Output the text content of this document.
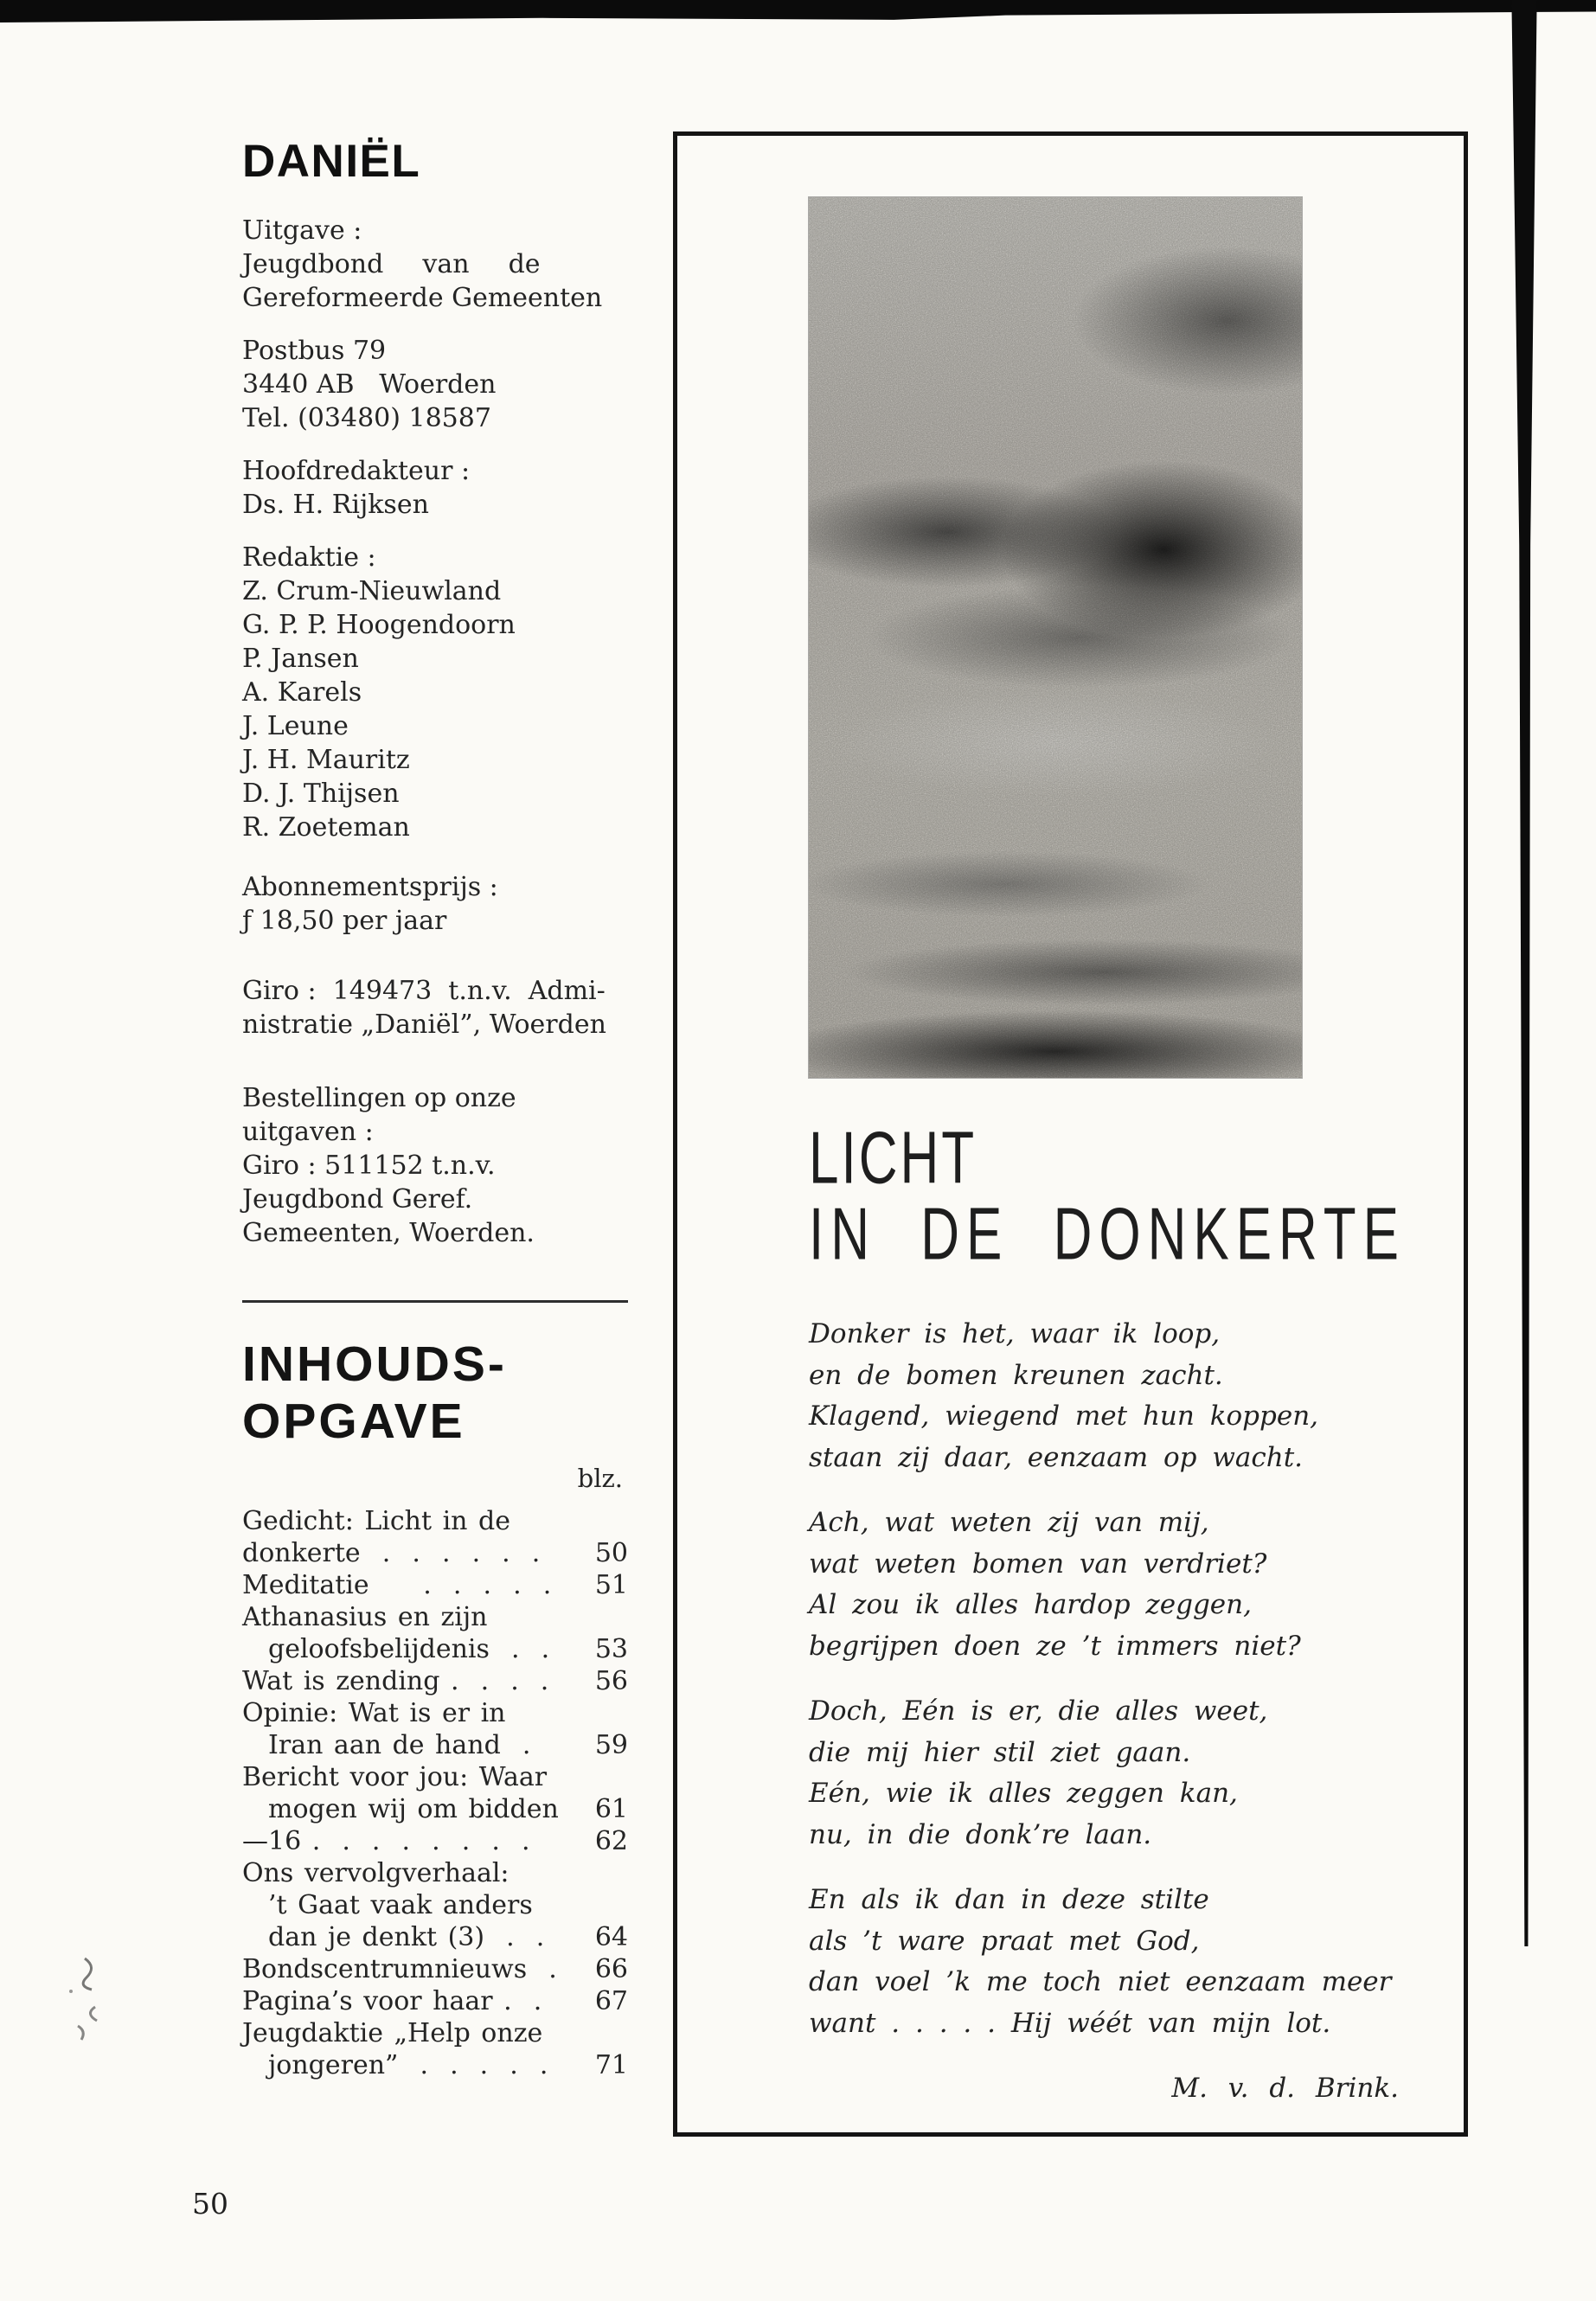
DANIËL

Uitgave :

Jeugdbond  van  de

Gereformeerde Gemeenten

Postbus 79

3440 AB   Woerden

Tel. (03480) 18587

Hoofdredakteur :

Ds. H. Rijksen

Redaktie :

Z. Crum-Nieuwland

G. P. P. Hoogendoorn

P. Jansen

A. Karels

J. Leune

J. H. Mauritz

D. J. Thijsen

R. Zoeteman

Abonnementsprijs :

ƒ 18,50 per jaar

Giro :  149473  t.n.v.  Admi-

nistratie „Daniël”, Woerden

Bestellingen op onze

uitgaven :

Giro : 511152 t.n.v.

Jeugdbond Geref.

Gemeenten, Woerden.

INHOUDS-
OPGAVE

blz.

Gedicht: Licht in de
donkerte  .  .  .  .  .  .	50
Meditatie     .  .  .  .  .	51
Athanasius en zijn
geloofsbelijdenis  .  .	53
Wat is zending .  .  .  .	56
Opinie: Wat is er in
Iran aan de hand  .	59
Bericht voor jou: Waar
mogen wij om bidden	61
—16 .  .  .  .  .  .  .  .	62
Ons vervolgverhaal:
’t Gaat vaak anders
dan je denkt (3)  .  .	64
Bondscentrumnieuws  .	66
Pagina’s voor haar .  .	67
Jeugdaktie „Help onze
jongeren”  .  .  .  .  .	71
50
LICHT
IN DE DONKERTE

Donker is het, waar ik loop,

en de bomen kreunen zacht.

Klagend, wiegend met hun koppen,

staan zij daar, eenzaam op wacht.

Ach, wat weten zij van mij,

wat weten bomen van verdriet?

Al zou ik alles hardop zeggen,

begrijpen doen ze ’t immers niet?

Doch, Eén is er, die alles weet,

die mij hier stil ziet gaan.

Eén, wie ik alles zeggen kan,

nu, in die donk’re laan.

En als ik dan in deze stilte

als ’t ware praat met God,

dan voel ’k me toch niet eenzaam meer

want . . . . . Hij wéét van mijn lot.

M. v. d. Brink.
